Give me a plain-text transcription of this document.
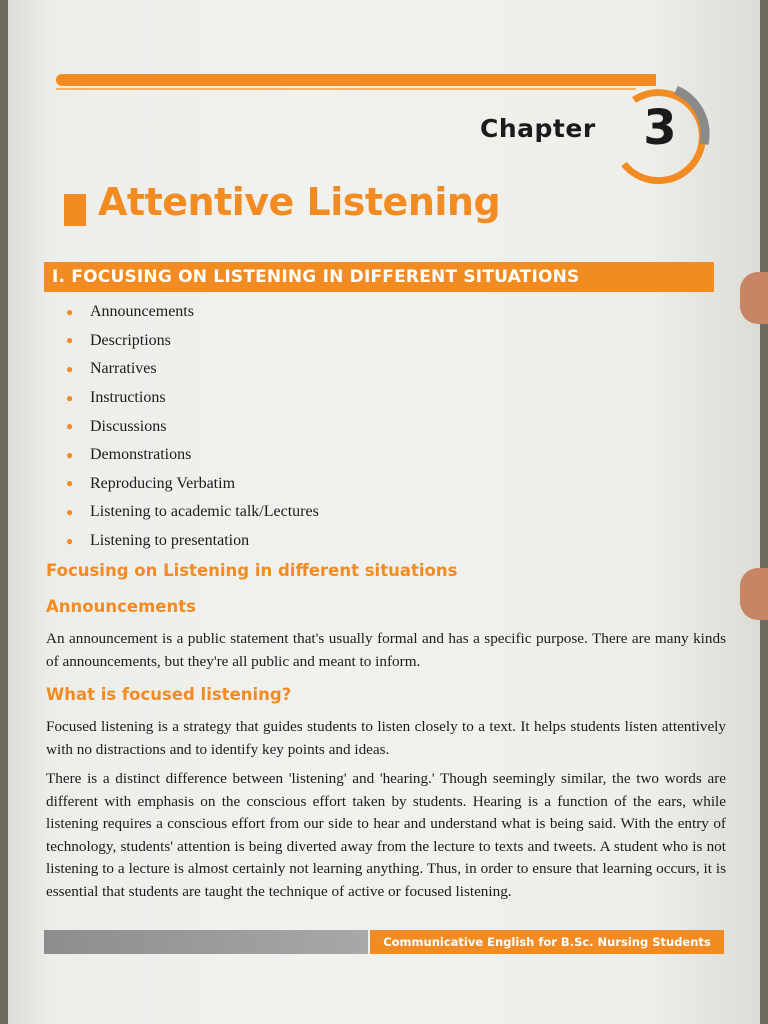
Chapter 3
Attentive Listening
I. FOCUSING ON LISTENING IN DIFFERENT SITUATIONS
●	Announcements
●	Descriptions
●	Narratives
●	Instructions
●	Discussions
●	Demonstrations
●	Reproducing Verbatim
●	Listening to academic talk/Lectures
●	Listening to presentation
Focusing on Listening in different situations
Announcements

An announcement is a public statement that's usually formal and has a specific purpose. There are many kinds of announcements, but they're all public and meant to inform.

What is focused listening?

Focused listening is a strategy that guides students to listen closely to a text. It helps students listen attentively with no distractions and to identify key points and ideas.

There is a distinct difference between 'listening' and 'hearing.' Though seemingly similar, the two words are different with emphasis on the conscious effort taken by students. Hearing is a function of the ears, while listening requires a conscious effort from our side to hear and understand what is being said. With the entry of technology, students' attention is being diverted away from the lecture to texts and tweets. A student who is not listening to a lecture is almost certainly not learning anything. Thus, in order to ensure that learning occurs, it is essential that students are taught the technique of active or focused listening.

Communicative English for B.Sc. Nursing Students
